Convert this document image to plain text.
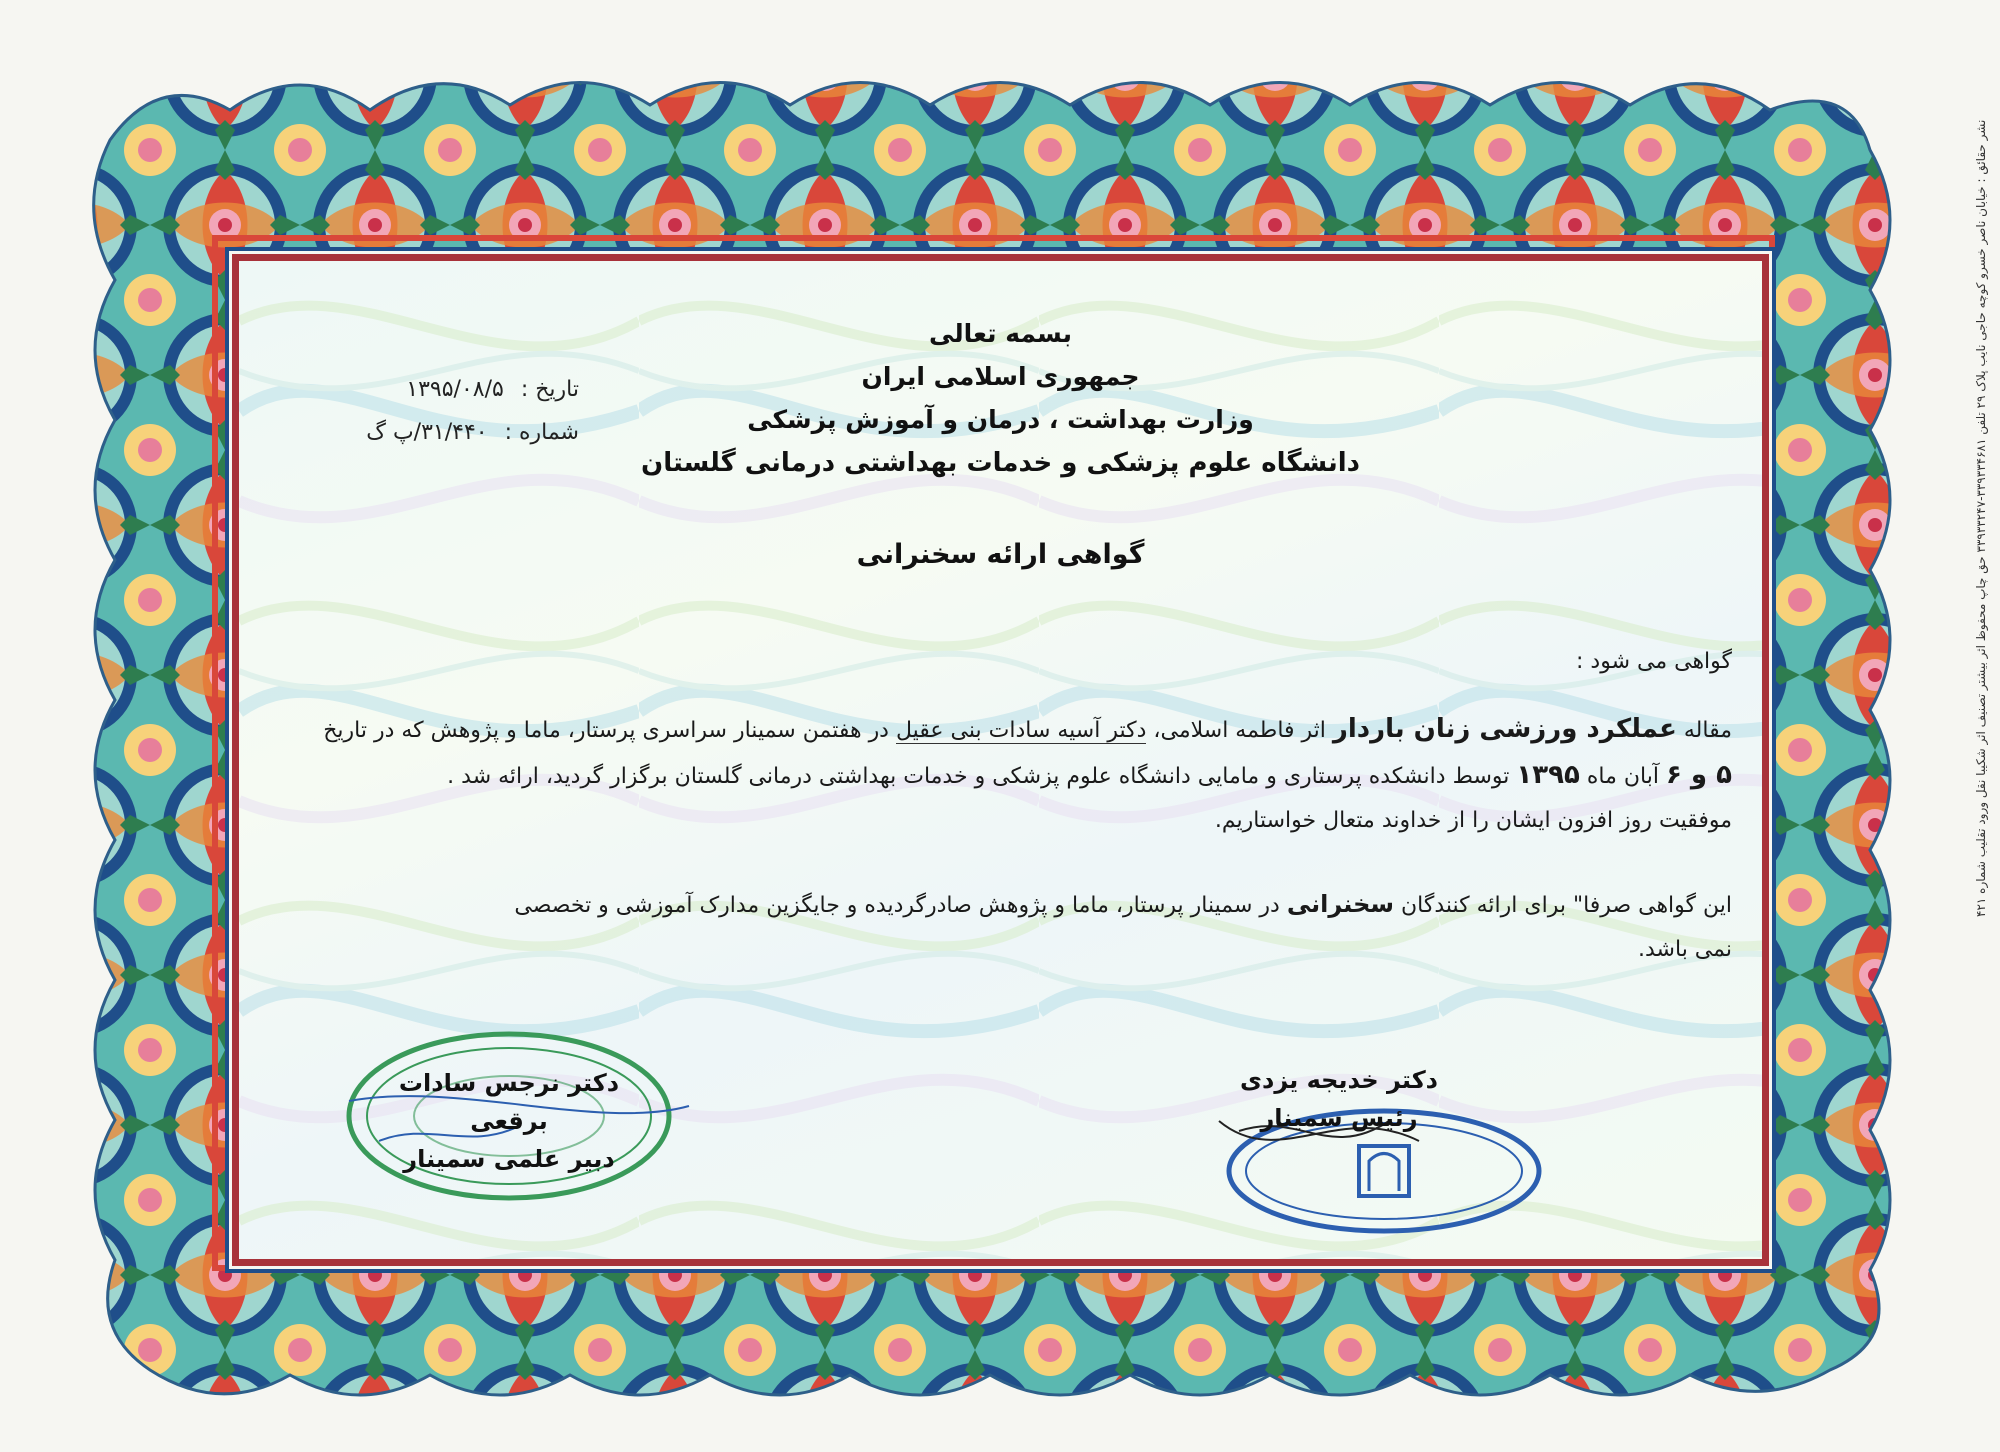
نشر حقائق : خیابان ناصر خسرو کوچه حاجی نایب پلاک ۲۹ تلفن ۳۳۹۳۳۴۶۸۱-۳۳۹۳۳۲۴۷ حق چاپ محفوظ اثر بیشتر تصنیف اثر شکیبا نقل ورود تقلیب شماره ۴۲۱
بسمه تعالی
جمهوری اسلامی ایران
وزارت بهداشت ، درمان و آموزش پزشکی
دانشگاه علوم پزشکی و خدمات بهداشتی درمانی گلستان
تاریخ : ۱۳۹۵/۰۸/۵
شماره : ۳۱/۴۴۰/پ گ
گواهی ارائه سخنرانی
گواهی می شود :
مقاله عملکرد ورزشی زنان باردار اثر فاطمه اسلامی، دکتر آسیه سادات بنی عقیل در هفتمن سمینار سراسری پرستار، ماما و پژوهش که در تاریخ
۵ و ۶ آبان ماه ۱۳۹۵ توسط دانشکده پرستاری و مامایی دانشگاه علوم پزشکی و خدمات بهداشتی درمانی گلستان برگزار گردید، ارائه شد .
موفقیت روز افزون ایشان را از خداوند متعال خواستاریم.
این گواهی صرفا" برای ارائه کنندگان سخنرانی در سمینار پرستار، ماما و پژوهش صادرگردیده و جایگزین مدارک آموزشی و تخصصی
نمی باشد.
دکتر نرجس سادات برقعی
دبیر علمی سمینار
دکتر خدیجه یزدی
رئیس سمینار
